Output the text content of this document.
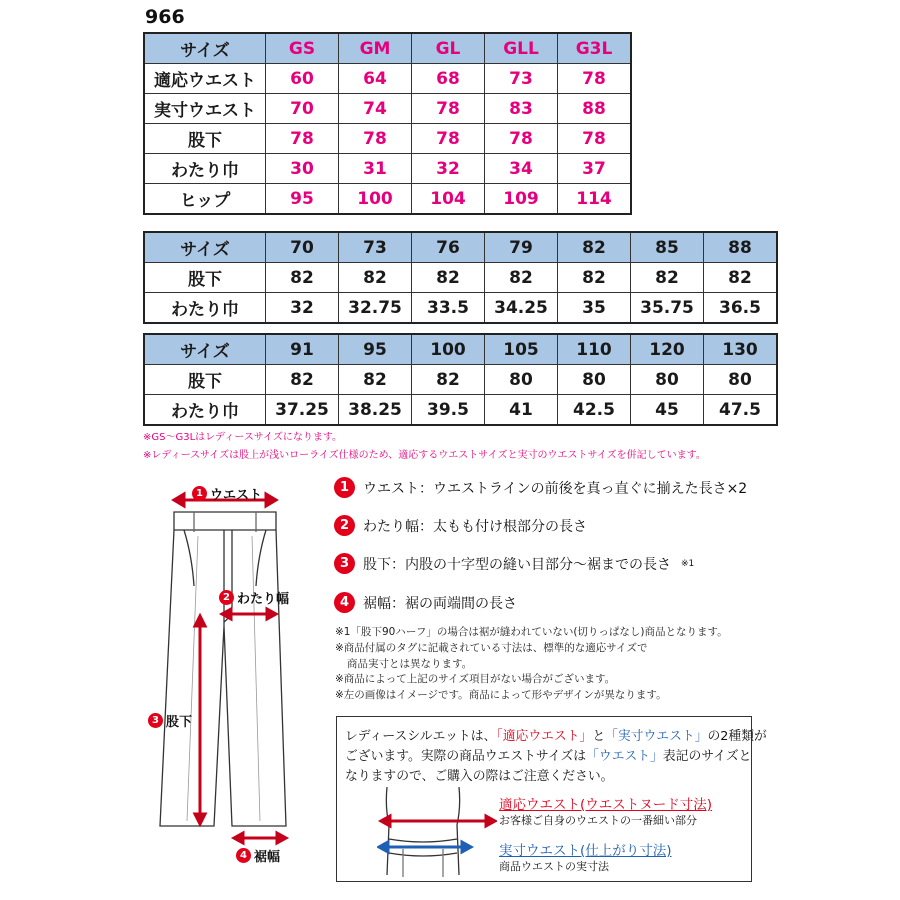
966
サイズ	GS	GM	GL	GLL	G3L
適応ウエスト	60	64	68	73	78
実寸ウエスト	70	74	78	83	88
股下	78	78	78	78	78
わたり巾	30	31	32	34	37
ヒップ	95	100	104	109	114
サイズ	70	73	76	79	82	85	88
股下	82	82	82	82	82	82	82
わたり巾	32	32.75	33.5	34.25	35	35.75	36.5
サイズ	91	95	100	105	110	120	130
股下	82	82	82	80	80	80	80
わたり巾	37.25	38.25	39.5	41	42.5	45	47.5
※GS～G3Lはレディースサイズになります。
※レディースサイズは股上が浅いローライズ仕様のため、適応するウエストサイズと実寸のウエストサイズを併記しています。
1 ウエスト
2 わたり幅
3 股下
4 裾幅
1 ウエスト：ウエストラインの前後を真っ直ぐに揃えた長さ×2
2 わたり幅：太もも付け根部分の長さ
3 股下：内股の十字型の縫い目部分～裾までの長さ ※1
4 裾幅：裾の両端間の長さ
※1「股下90ハーフ」の場合は裾が縫われていない(切りっぱなし)商品となります。
※商品付属のタグに記載されている寸法は、標準的な適応サイズで
商品実寸とは異なります。
※商品によって上記のサイズ項目がない場合がございます。
※左の画像はイメージです。商品によって形やデザインが異なります。
レディースシルエットは、「適応ウエスト」と「実寸ウエスト」の2種類が
ございます。実際の商品ウエストサイズは「ウエスト」表記のサイズと
なりますので、ご購入の際はご注意ください。
適応ウエスト(ウエストヌード寸法)
お客様ご自身のウエストの一番細い部分
実寸ウエスト(仕上がり寸法)
商品ウエストの実寸法
